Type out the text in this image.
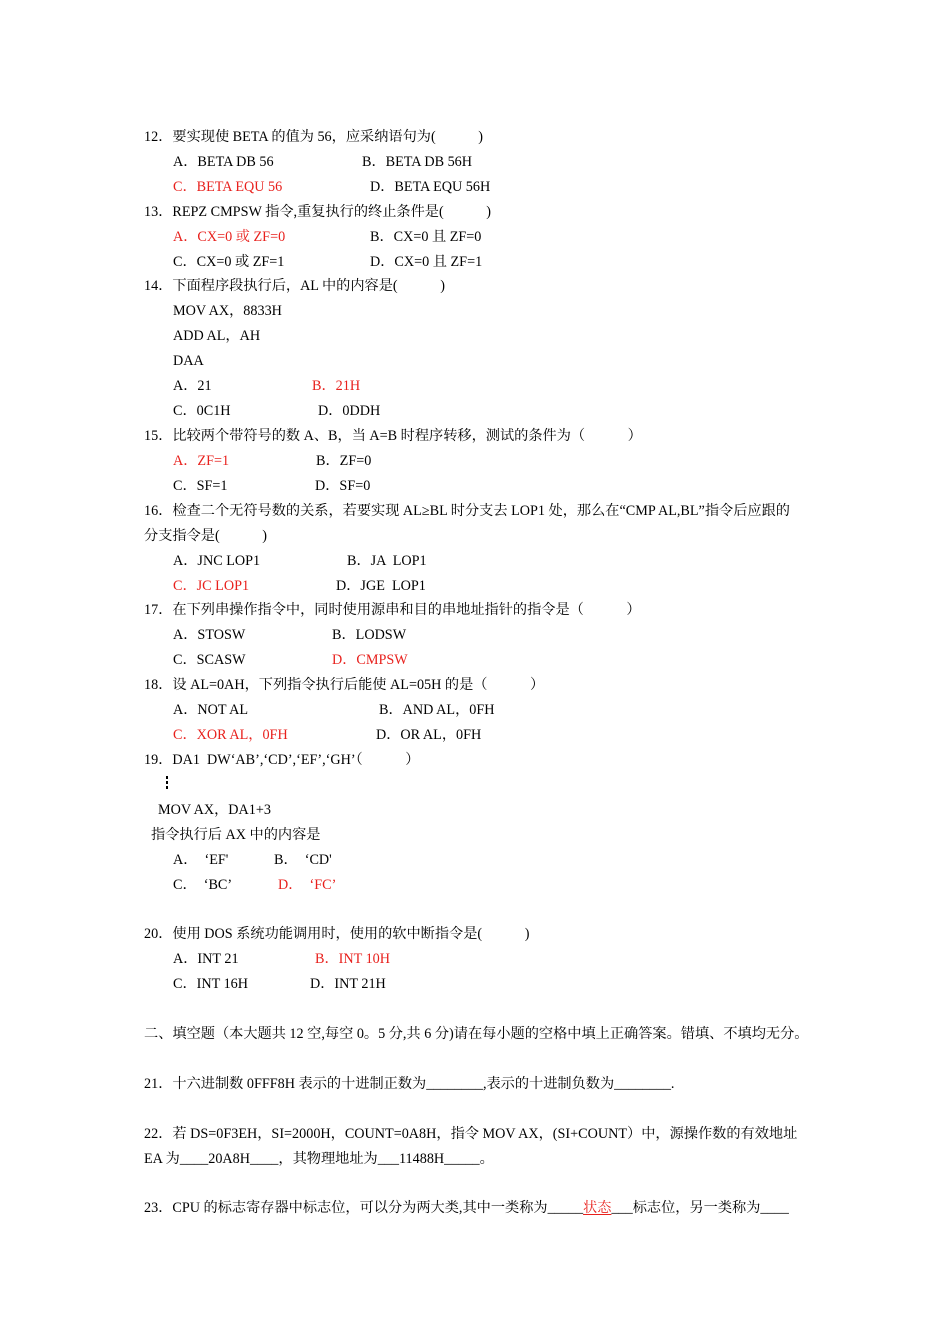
12．要实现使 BETA 的值为 56，应采纳语句为(　　　)
A．BETA DB 56	B．BETA DB 56H
C．BETA EQU 56	D．BETA EQU 56H
13．REPZ CMPSW 指令,重复执行的终止条件是(　　　)
A．CX=0 或 ZF=0	B．CX=0 且 ZF=0
C．CX=0 或 ZF=1	D．CX=0 且 ZF=1
14．下面程序段执行后，AL 中的内容是(　　　)
MOV AX，8833H
ADD AL，AH
DAA
A．21	B．21H
C．0C1H	D．0DDH
15．比较两个带符号的数 A、B，当 A=B 时程序转移，测试的条件为（　　　）
A．ZF=1	B．ZF=0
C．SF=1	D．SF=0
16．检查二个无符号数的关系，若要实现 AL≥BL 时分支去 LOP1 处，那么在“CMP AL,BL”指令后应跟的
分支指令是(　　　)
A．JNC LOP1	B．JA  LOP1
C．JC LOP1	D．JGE  LOP1
17．在下列串操作指令中，同时使用源串和目的串地址指针的指令是（　　　）
A．STOSW	B．LODSW
C．SCASW	D．CMPSW
18．设 AL=0AH，下列指令执行后能使 AL=05H 的是（　　　）
A．NOT AL	B．AND AL，0FH
C．XOR AL，0FH	D．OR AL，0FH
19．DA1  DW‘AB’,‘CD’,‘EF’,‘GH’（　　　）
MOV AX，DA1+3
指令执行后 AX 中的内容是
A．  ‘EF'	B．  ‘CD'
C．  ‘BC’	D．  ‘FC’
20．使用 DOS 系统功能调用时，使用的软中断指令是(　　　)
A．INT 21	B．INT 10H
C．INT 16H	D．INT 21H
二、填空题（本大题共 12 空,每空 0。5 分,共 6 分)请在每小题的空格中填上正确答案。错填、不填均无分。
21．十六进制数 0FFF8H 表示的十进制正数为________,表示的十进制负数为________.
22．若 DS=0F3EH，SI=2000H，COUNT=0A8H，指令 MOV AX，(SI+COUNT）中，源操作数的有效地址
EA 为____20A8H____，其物理地址为___11488H_____。
23．CPU 的标志寄存器中标志位，可以分为两大类,其中一类称为_____状态___标志位，另一类称为____
